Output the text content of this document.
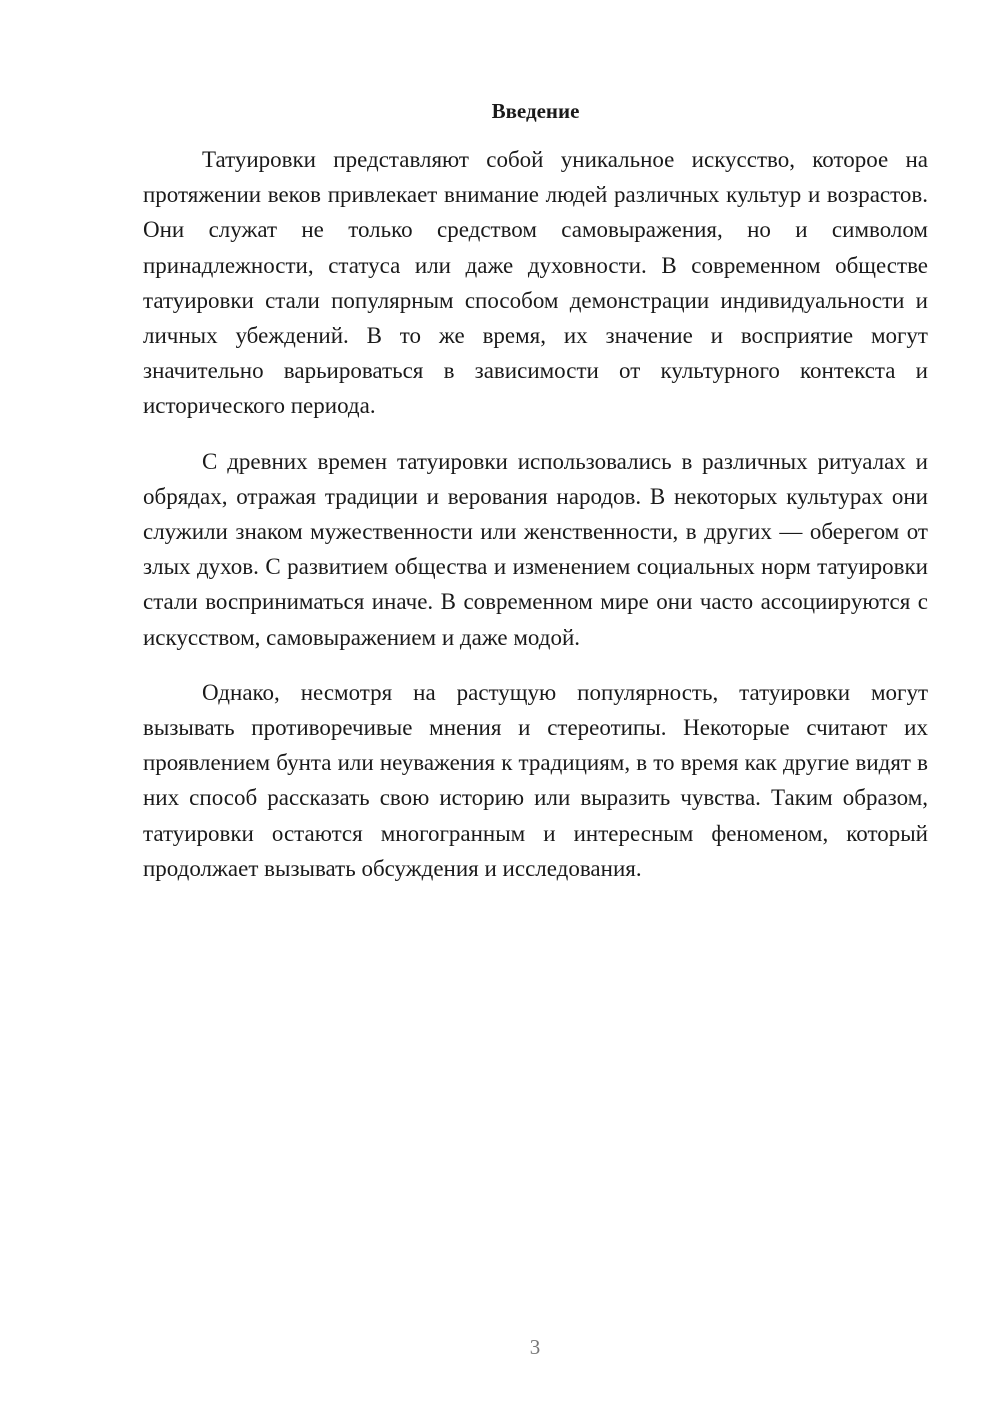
Введение

Татуировки представляют собой уникальное искусство, которое на протяжении веков привлекает внимание людей различных культур и возрастов. Они служат не только средством самовыражения, но и символом принадлежности, статуса или даже духовности. В современном обществе татуировки стали популярным способом демонстрации индивидуальности и личных убеждений. В то же время, их значение и восприятие могут значительно варьироваться в зависимости от культурного контекста и исторического периода.

С древних времен татуировки использовались в различных ритуалах и обрядах, отражая традиции и верования народов. В некоторых культурах они служили знаком мужественности или женственности, в других — оберегом от злых духов. С развитием общества и изменением социальных норм татуировки стали восприниматься иначе. В современном мире они часто ассоциируются с искусством, самовыражением и даже модой.

Однако, несмотря на растущую популярность, татуировки могут вызывать противоречивые мнения и стереотипы. Некоторые считают их проявлением бунта или неуважения к традициям, в то время как другие видят в них способ рассказать свою историю или выразить чувства. Таким образом, татуировки остаются многогранным и интересным феноменом, который продолжает вызывать обсуждения и исследования.

3
